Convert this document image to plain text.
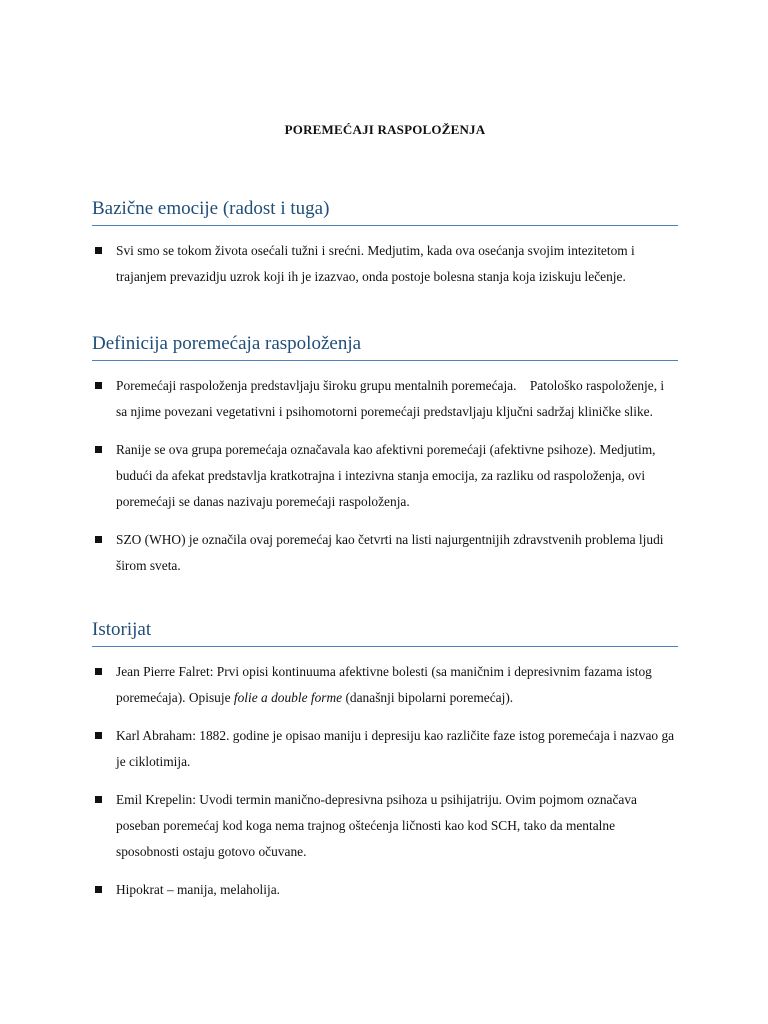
POREMEĆAJI RASPOLOŽENJA
Bazične emocije (radost i tuga)
Svi smo se tokom života osećali tužni i srećni. Medjutim, kada ova osećanja svojim intezitetom i trajanjem prevazidju uzrok koji ih je izazvao, onda postoje bolesna stanja koja iziskuju lečenje.
Definicija poremećaja raspoloženja
Poremećaji raspoloženja predstavljaju široku grupu mentalnih poremećaja.    Patološko raspoloženje, i sa njime povezani vegetativni i psihomotorni poremećaji predstavljaju ključni sadržaj kliničke slike.
Ranije se ova grupa poremećaja označavala kao afektivni poremećaji (afektivne psihoze). Medjutim, budući da afekat predstavlja kratkotrajna i intezivna stanja emocija, za razliku od raspoloženja, ovi poremećaji se danas nazivaju poremećaji raspoloženja.
SZO (WHO) je označila ovaj poremećaj kao četvrti na listi najurgentnijih zdravstvenih problema ljudi širom sveta.
Istorijat
Jean Pierre Falret: Prvi opisi kontinuuma afektivne bolesti (sa maničnim i depresivnim fazama istog poremećaja). Opisuje folie a double forme (današnji bipolarni poremećaj).
Karl Abraham: 1882. godine je opisao maniju i depresiju kao različite faze istog poremećaja i nazvao ga je ciklotimija.
Emil Krepelin: Uvodi termin manično-depresivna psihoza u psihijatriju. Ovim pojmom označava poseban poremećaj kod koga nema trajnog oštećenja ličnosti kao kod SCH, tako da mentalne sposobnosti ostaju gotovo očuvane.
Hipokrat – manija, melaholija.
